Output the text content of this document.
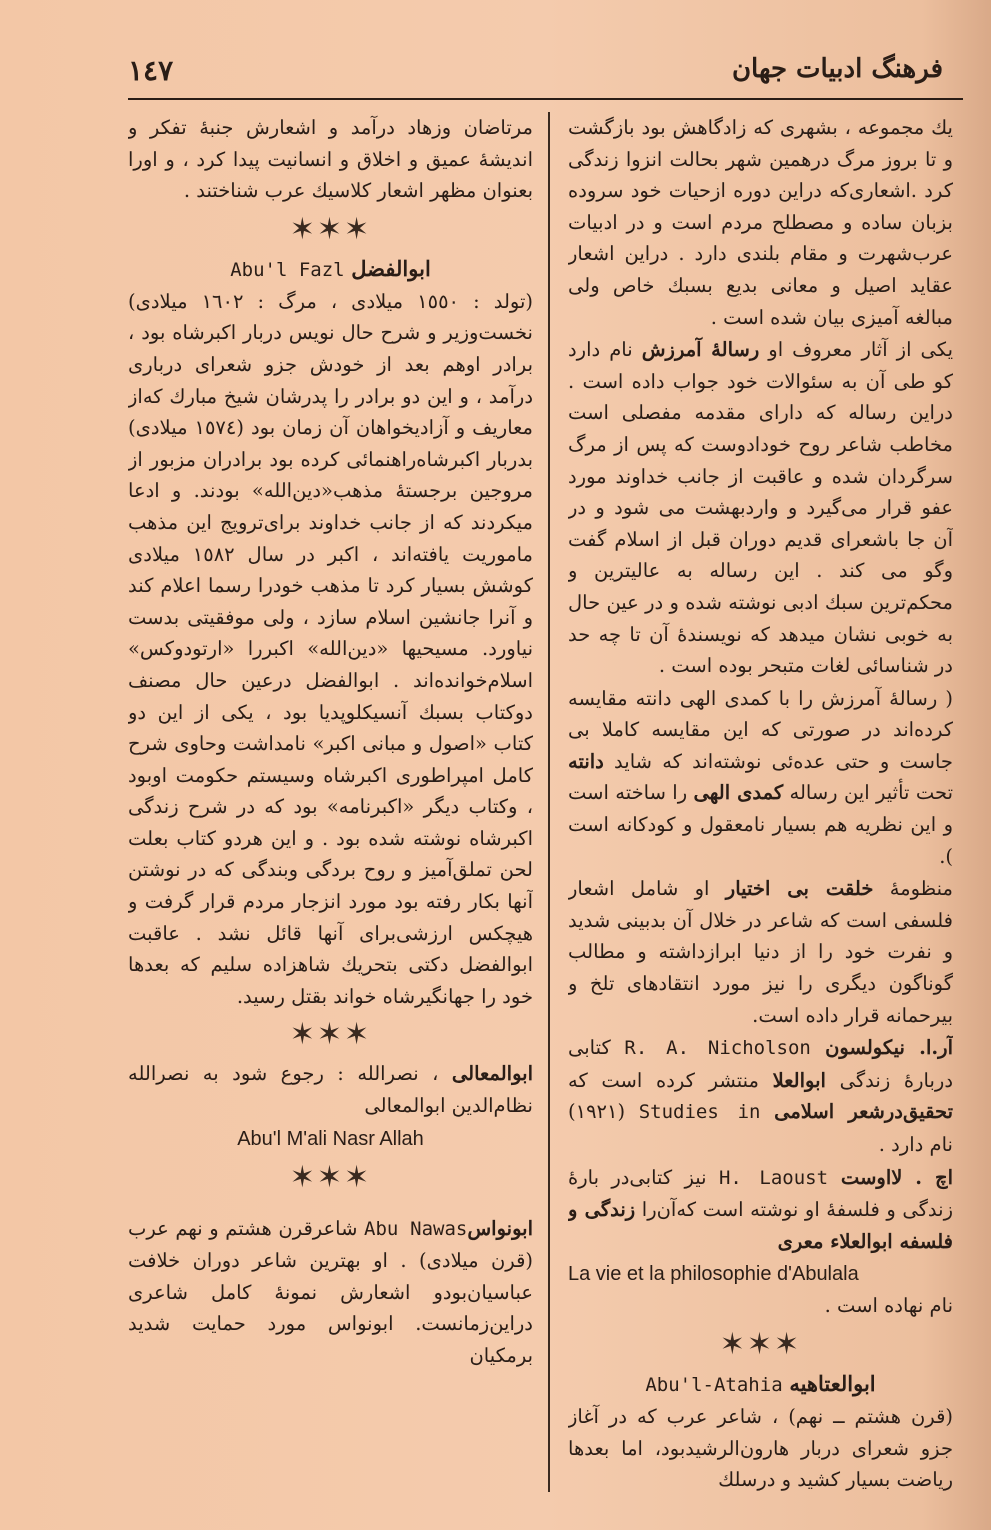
١٤٧	فرهنگ ادبیات جهان

یك مجموعه ، بشهری که زادگاهش بود بازگشت و تا بروز مرگ درهمین شهر بحالت انزوا زندگی کرد .اشعاری‌که دراین دوره ازحیات خود سروده بزبان ساده و مصطلح مردم است و در ادبیات عرب‌شهرت و مقام بلندی دارد . دراین اشعار عقاید اصیل و معانی بدیع بسبك خاص ولی مبالغه آمیزی بیان شده است .

یکی از آثار معروف او رسالهٔ آمرزش نام دارد کو طی آن به سئوالات خود جواب داده است . دراین رساله که دارای مقدمه مفصلی است مخاطب شاعر روح خودادوست که پس از مرگ سرگردان شده و عاقبت از جانب خداوند مورد عفو قرار می‌گیرد و واردبهشت می شود و در آن جا باشعرای قدیم دوران قبل از اسلام گفت وگو می کند . این رساله به عالیترین و محکم‌ترین سبك ادبی نوشته شده و در عین حال به خوبی نشان میدهد که نویسندهٔ آن تا چه حد در شناسائی لغات متبحر بوده است .

( رسالهٔ آمرزش را با کمدی الهی دانته مقایسه کرده‌اند در صورتی که این مقایسه کاملا بی جاست و حتی عده‌ئی نوشته‌اند که شاید دانته تحت تأثیر این رساله کمدی الهی را ساخته است و این نظریه هم بسیار نامعقول و کودکانه است ).

منظومهٔ خلقت بی اختیار او شامل اشعار فلسفی است که شاعر در خلال آن بدبینی شدید و نفرت خود را از دنیا ابرازداشته و مطالب گوناگون دیگری را نیز مورد انتقادهای تلخ و بیرحمانه قرار داده است.

آر.ا. نیکولسون R. A. Nicholson کتابی دربارهٔ زندگی ابوالعلا منتشر کرده است که تحقیق‌درشعر اسلامی Studies in (١٩٢١) نام دارد .

اچ . لااوست H. Laoust نیز کتابی‌در بارهٔ زندگی و فلسفهٔ او نوشته است که‌آن‌را زندگی و فلسفه ابوالعلاء معری

La vie et la philosophie d'Abulala

نام نهاده است .

✶✶✶
Abu'l-Atahia ابوالعتاهیه

(قرن هشتم ــ نهم) ، شاعر عرب که در آغاز جزو شعرای دربار هارون‌الرشیدبود، اما بعدها ریاضت بسیار کشید و درسلك

مرتاضان وزهاد درآمد و اشعارش جنبهٔ تفکر و اندیشهٔ عمیق و اخلاق و انسانیت پیدا کرد ، و اورا بعنوان مظهر اشعار کلاسیك عرب شناختند .

✶✶✶
Abu'l Fazl ابوالفضل

(تولد : ١٥٥٠ میلادی ، مرگ : ١٦٠٢ میلادی) نخست‌وزیر و شرح حال نویس دربار اکبرشاه بود ، برادر اوهم بعد از خودش جزو شعرای درباری درآمد ، و این دو برادر را پدرشان شیخ مبارك که‌از معاریف و آزادیخواهان آن زمان بود (١٥٧٤ میلادی) بدربار اکبرشاه‌راهنمائی کرده بود برادران مزبور از مروجین برجستهٔ مذهب«دین‌الله» بودند. و ادعا میکردند که از جانب خداوند برای‌ترویج این مذهب ماموریت یافته‌اند ، اکبر در سال ١٥٨٢ میلادی کوشش بسیار کرد تا مذهب خودرا رسما اعلام کند و آنرا جانشین اسلام سازد ، ولی موفقیتی بدست نیاورد. مسیحیها «دین‌الله» اکبررا «ارتودوکس» اسلام‌خوانده‌اند . ابوالفضل درعین حال مصنف دوکتاب بسبك آنسیکلوپدیا بود ، یکی از این دو کتاب «اصول و مبانی اکبر» نامداشت وحاوی شرح کامل امپراطوری اکبرشاه وسیستم حکومت اوبود ، وکتاب دیگر «اکبرنامه» بود که در شرح زندگی اکبرشاه نوشته شده بود . و این هردو کتاب بعلت لحن تملق‌آمیز و روح بردگی وبندگی که در نوشتن آنها بکار رفته بود مورد انزجار مردم قرار گرفت و هیچکس ارزشی‌برای آنها قائل نشد . عاقبت ابوالفضل دکتی بتحریك شاهزاده سلیم که بعدها خود را جهانگیرشاه خواند بقتل رسید.

✶✶✶

ابوالمعالی ، نصرالله : رجوع شود به نصرالله نظام‌الدین ابوالمعالی

Abu'l M'ali Nasr Allah
✶✶✶

ابونواسAbu Nawas شاعرقرن هشتم و نهم عرب (قرن میلادی) . او بهترین شاعر دوران خلافت عباسیان‌بودو اشعارش نمونهٔ کامل شاعری دراین‌زمانست. ابونواس مورد حمایت شدید برمکیان
